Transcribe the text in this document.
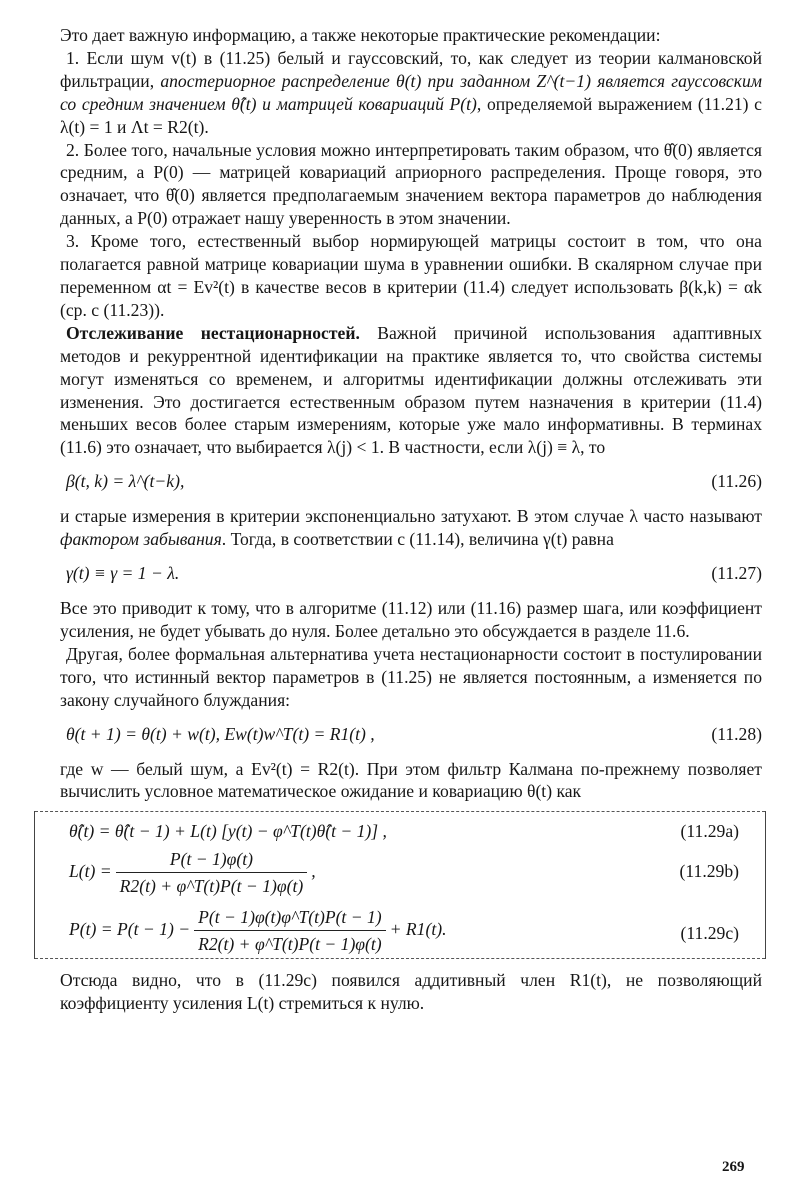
Это дает важную информацию, а также некоторые практические рекомендации:

1. Если шум v(t) в (11.25) белый и гауссовский, то, как следует из теории калмановской фильтрации, апостериорное распределение θ(t) при заданном Z^(t−1) является гауссовским со средним значением θ̂(t) и матрицей ковариаций P(t), определяемой выражением (11.21) с λ(t) = 1 и Λt = R2(t).

2. Более того, начальные условия можно интерпретировать таким образом, что θ̂(0) является средним, а P(0) — матрицей ковариаций априорного распределения. Проще говоря, это означает, что θ̂(0) является предполагаемым значением вектора параметров до наблюдения данных, а P(0) отражает нашу уверенность в этом значении.

3. Кроме того, естественный выбор нормирующей матрицы состоит в том, что она полагается равной матрице ковариации шума в уравнении ошибки. В скалярном случае при переменном αt = Ev²(t) в качестве весов в критерии (11.4) следует использовать β(k,k) = αk (ср. с (11.23)).

Отслеживание нестационарностей. Важной причиной использования адаптивных методов и рекуррентной идентификации на практике является то, что свойства системы могут изменяться со временем, и алгоритмы идентификации должны отслеживать эти изменения. Это достигается естественным образом путем назначения в критерии (11.4) меньших весов более старым измерениям, которые уже мало информативны. В терминах (11.6) это означает, что выбирается λ(j) < 1. В частности, если λ(j) ≡ λ, то

β(t, k) = λ^(t−k),	(11.26)

и старые измерения в критерии экспоненциально затухают. В этом случае λ часто называют фактором забывания. Тогда, в соответствии с (11.14), величина γ(t) равна

γ(t) ≡ γ = 1 − λ.	(11.27)

Все это приводит к тому, что в алгоритме (11.12) или (11.16) размер шага, или коэффициент усиления, не будет убывать до нуля. Более детально это обсуждается в разделе 11.6.

Другая, более формальная альтернатива учета нестационарности состоит в постулировании того, что истинный вектор параметров в (11.25) не является постоянным, а изменяется по закону случайного блуждания:

θ(t + 1) = θ(t) + w(t), Ew(t)w^T(t) = R1(t) ,	(11.28)

где w — белый шум, а Ev²(t) = R2(t). При этом фильтр Калмана по-прежнему позволяет вычислить условное математическое ожидание и ковариацию θ(t) как

θ̂(t) = θ̂(t − 1) + L(t) [y(t) − φ^T(t)θ̂(t − 1)] ,	(11.29a)
$L(t) = \frac{P(t - 1)\varphi(t)}{R2(t) + \varphi\^{}T(t)P(t - 1)\varphi(t)}$ ,	(11.29b)
$P(t) = P(t - 1) - \frac{P(t - 1)\varphi(t)\varphi\^{}T(t)P(t - 1)}{R2(t) + \varphi\^{}T(t)P(t - 1)\varphi(t)} + R1(t)$.	(11.29c)

Отсюда видно, что в (11.29c) появился аддитивный член R1(t), не позволяющий коэффициенту усиления L(t) стремиться к нулю.

269
